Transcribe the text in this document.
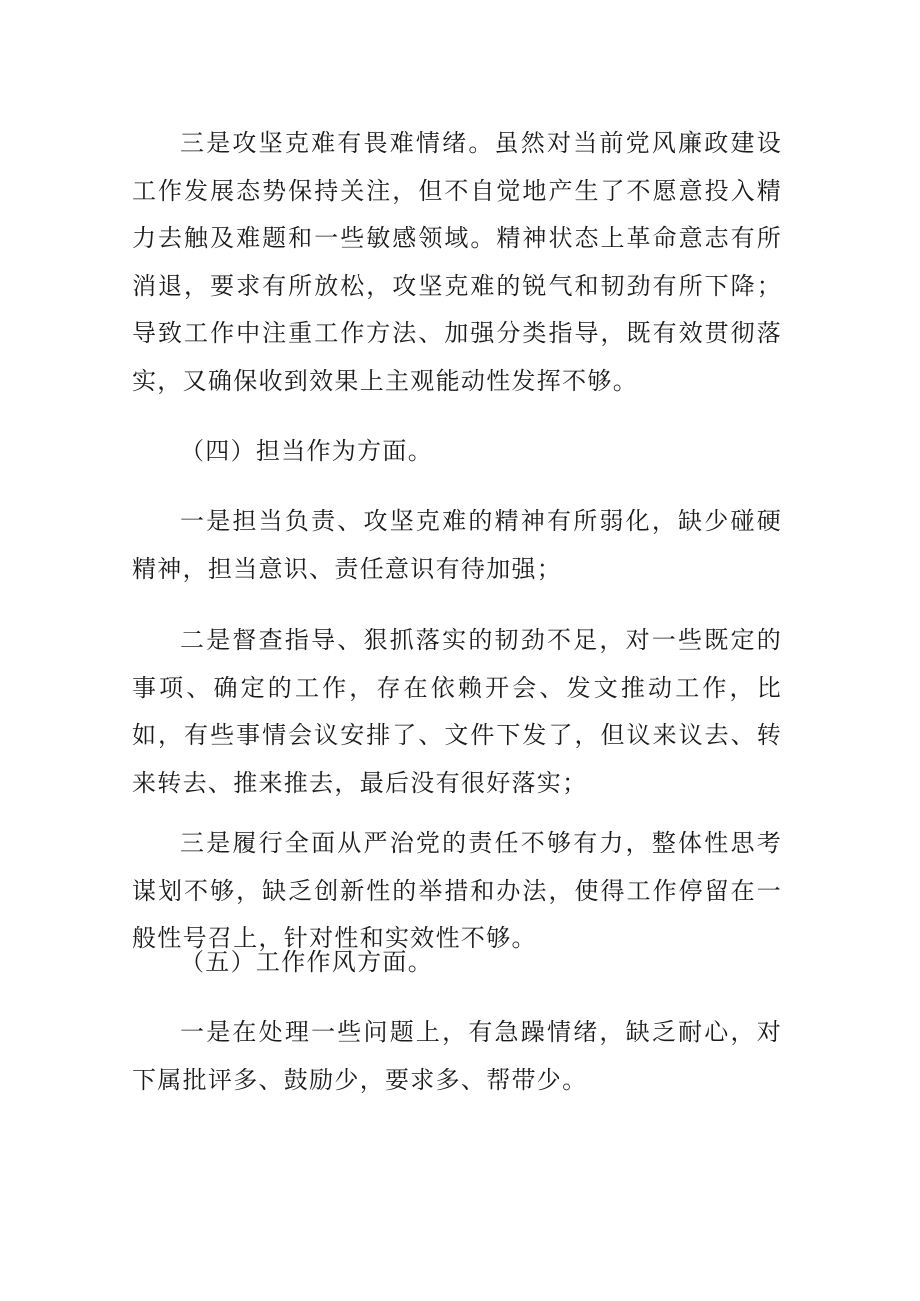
三是攻坚克难有畏难情绪。虽然对当前党风廉政建设工作发展态势保持关注，但不自觉地产生了不愿意投入精力去触及难题和一些敏感领域。精神状态上革命意志有所消退，要求有所放松，攻坚克难的锐气和韧劲有所下降；导致工作中注重工作方法、加强分类指导，既有效贯彻落实，又确保收到效果上主观能动性发挥不够。

（四）担当作为方面。

一是担当负责、攻坚克难的精神有所弱化，缺少碰硬精神，担当意识、责任意识有待加强；

二是督查指导、狠抓落实的韧劲不足，对一些既定的事项、确定的工作，存在依赖开会、发文推动工作，比如，有些事情会议安排了、文件下发了，但议来议去、转来转去、推来推去，最后没有很好落实；

三是履行全面从严治党的责任不够有力，整体性思考谋划不够，缺乏创新性的举措和办法，使得工作停留在一般性号召上，针对性和实效性不够。

（五）工作作风方面。

一是在处理一些问题上，有急躁情绪，缺乏耐心，对下属批评多、鼓励少，要求多、帮带少。
